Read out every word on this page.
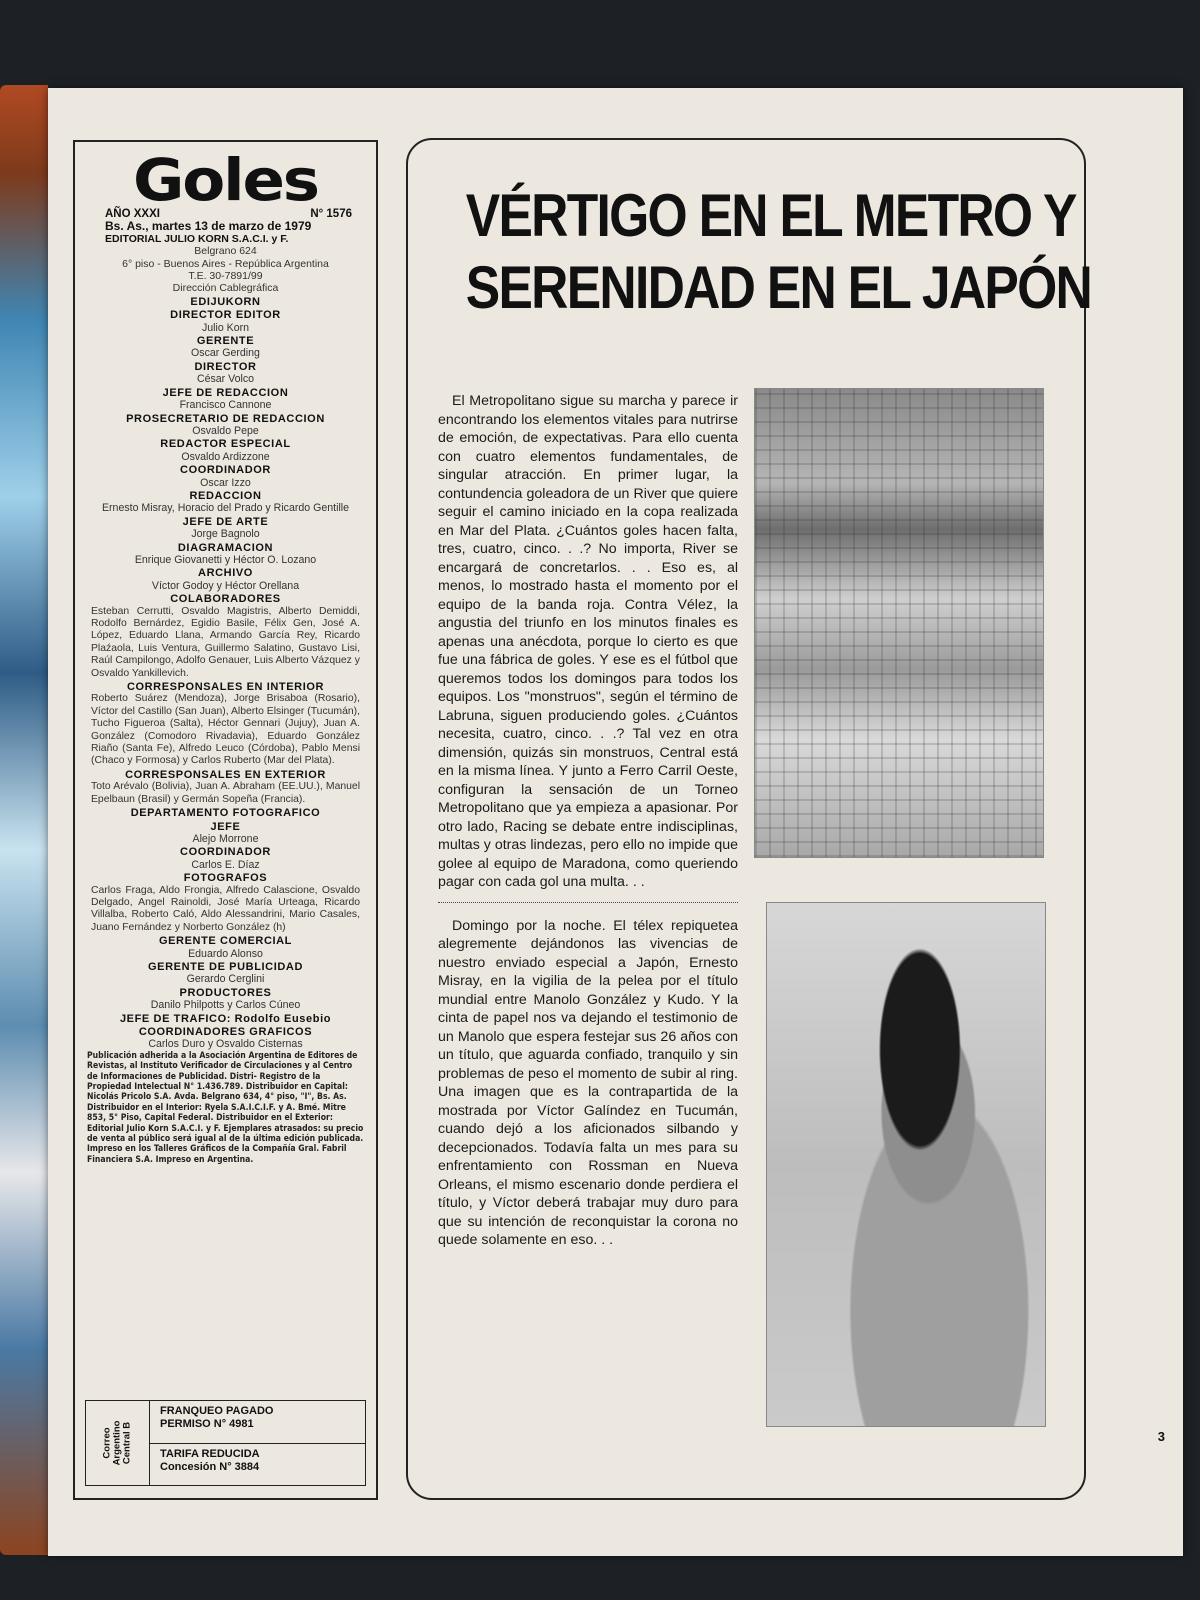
Goles
AÑO XXXI	N° 1576
Bs. As., martes 13 de marzo de 1979
EDITORIAL JULIO KORN S.A.C.I. y F.
Belgrano 624
6° piso - Buenos Aires - República Argentina
T.E. 30-7891/99
Dirección Cablegráfica
EDIJUKORN
DIRECTOR EDITOR
Julio Korn
GERENTE
Oscar Gerding
DIRECTOR
César Volco
JEFE DE REDACCION
Francisco Cannone
PROSECRETARIO DE REDACCION
Osvaldo Pepe
REDACTOR ESPECIAL
Osvaldo Ardizzone
COORDINADOR
Oscar Izzo
REDACCION
Ernesto Misray, Horacio del Prado y Ricardo Gentille
JEFE DE ARTE
Jorge Bagnolo
DIAGRAMACION
Enrique Giovanetti y Héctor O. Lozano
ARCHIVO
Víctor Godoy y Héctor Orellana
COLABORADORES
Esteban Cerrutti, Osvaldo Magistris, Alberto Demiddi, Rodolfo Bernárdez, Egidio Basile, Félix Gen, José A. López, Eduardo Llana, Armando García Rey, Ricardo Plaźaola, Luis Ventura, Guillermo Salatino, Gustavo Lisi, Raúl Campilongo, Adolfo Genauer, Luis Alberto Vázquez y Osvaldo Yankillevich.
CORRESPONSALES EN INTERIOR
Roberto Suárez (Mendoza), Jorge Brisaboa (Rosario), Víctor del Castillo (San Juan), Alberto Elsinger (Tucumán), Tucho Figueroa (Salta), Héctor Gennari (Jujuy), Juan A. González (Comodoro Rivadavia), Eduardo González Riaño (Santa Fe), Alfredo Leuco (Córdoba), Pablo Mensi (Chaco y Formosa) y Carlos Ruberto (Mar del Plata).
CORRESPONSALES EN EXTERIOR
Toto Arévalo (Bolivia), Juan A. Abraham (EE.UU.), Manuel Epelbaun (Brasil) y Germán Sopeña (Francia).
DEPARTAMENTO FOTOGRAFICO
JEFE
Alejo Morrone
COORDINADOR
Carlos E. Díaz
FOTOGRAFOS
Carlos Fraga, Aldo Frongia, Alfredo Calascione, Osvaldo Delgado, Angel Rainoldi, José María Urteaga, Ricardo Villalba, Roberto Caló, Aldo Alessandrini, Mario Casales, Juano Fernández y Norberto González (h)
GERENTE COMERCIAL
Eduardo Alonso
GERENTE DE PUBLICIDAD
Gerardo Cerglini
PRODUCTORES
Danilo Philpotts y Carlos Cúneo
JEFE DE TRAFICO: Rodolfo Eusebio
COORDINADORES GRAFICOS
Carlos Duro y Osvaldo Cisternas
Publicación adherida a la Asociación Argentina de Editores de Revistas, al Instituto Verificador de Circulaciones y al Centro de Informaciones de Publicidad. Distri- Registro de la Propiedad Intelectual N° 1.436.789. Distribuidor en Capital: Nicolás Pricolo S.A. Avda. Belgrano 634, 4° piso, "I", Bs. As. Distribuidor en el Interior: Ryela S.A.I.C.I.F. y A. Bmé. Mitre 853, 5° Piso, Capital Federal. Distribuidor en el Exterior: Editorial Julio Korn S.A.C.I. y F. Ejemplares atrasados: su precio de venta al público será igual al de la última edición publicada. Impreso en los Talleres Gráficos de la Compañía Gral. Fabril Financiera S.A. Impreso en Argentina.
Correo
Argentino
Central B
FRANQUEO PAGADO
PERMISO N° 4981
TARIFA REDUCIDA
Concesión N° 3884
VÉRTIGO EN EL METRO Y
SERENIDAD EN EL JAPÓN

El Metropolitano sigue su marcha y parece ir encontrando los elementos vitales para nutrirse de emoción, de expectativas. Para ello cuenta con cuatro elementos fundamentales, de singular atracción. En primer lugar, la contundencia goleadora de un River que quiere seguir el camino iniciado en la copa realizada en Mar del Plata. ¿Cuántos goles hacen falta, tres, cuatro, cinco. . .? No importa, River se encargará de concretarlos. . . Eso es, al menos, lo mostrado hasta el momento por el equipo de la banda roja. Contra Vélez, la angustia del triunfo en los minutos finales es apenas una anécdota, porque lo cierto es que fue una fábrica de goles. Y ese es el fútbol que queremos todos los domingos para todos los equipos. Los "monstruos", según el término de Labruna, siguen produciendo goles. ¿Cuántos necesita, cuatro, cinco. . .? Tal vez en otra dimensión, quizás sin monstruos, Central está en la misma línea. Y junto a Ferro Carril Oeste, configuran la sensación de un Torneo Metropolitano que ya empieza a apasionar. Por otro lado, Racing se debate entre indisciplinas, multas y otras lindezas, pero ello no impide que golee al equipo de Maradona, como queriendo pagar con cada gol una multa. . .

Domingo por la noche. El télex repiquetea alegremente dejándonos las vivencias de nuestro enviado especial a Japón, Ernesto Misray, en la vigilia de la pelea por el título mundial entre Manolo González y Kudo. Y la cinta de papel nos va dejando el testimonio de un Manolo que espera festejar sus 26 años con un título, que aguarda confiado, tranquilo y sin problemas de peso el momento de subir al ring. Una imagen que es la contrapartida de la mostrada por Víctor Galíndez en Tucumán, cuando dejó a los aficionados silbando y decepcionados. Todavía falta un mes para su enfrentamiento con Rossman en Nueva Orleans, el mismo escenario donde perdiera el título, y Víctor deberá trabajar muy duro para que su intención de reconquistar la corona no quede solamente en eso. . .

3
